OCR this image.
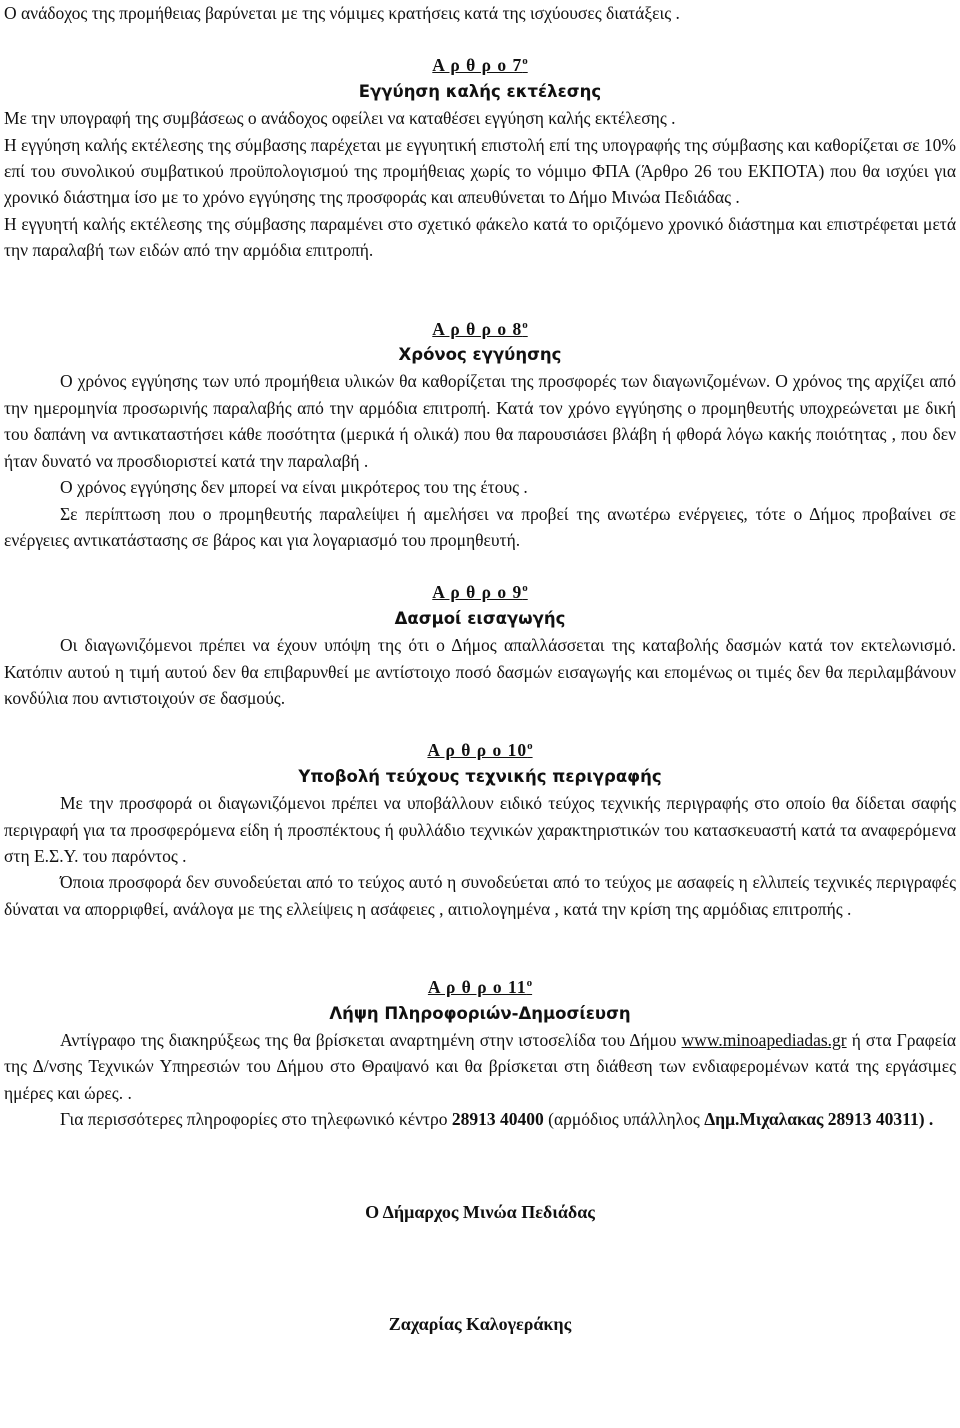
Ο ανάδοχος της προμήθειας βαρύνεται με της νόμιμες κρατήσεις κατά της ισχύουσες διατάξεις .

Α ρ θ ρ ο $7^o$
Εγγύηση καλής εκτέλεσης

Με την υπογραφή της συμβάσεως ο ανάδοχος οφείλει να καταθέσει εγγύηση καλής εκτέλεσης .

Η εγγύηση καλής εκτέλεσης της σύμβασης παρέχεται με εγγυητική επιστολή επί της υπογραφής της σύμβασης και καθορίζεται σε 10% επί του συνολικού συμβατικού προϋπολογισμού της προμήθειας χωρίς το νόμιμο ΦΠΑ (Άρθρο 26 του ΕΚΠΟΤΑ) που θα ισχύει για χρονικό διάστημα ίσο με το χρόνο εγγύησης της προσφοράς και απευθύνεται το Δήμο Μινώα Πεδιάδας .

Η εγγυητή καλής εκτέλεσης της σύμβασης παραμένει στο σχετικό φάκελο κατά το οριζόμενο χρονικό διάστημα και επιστρέφεται μετά την παραλαβή των ειδών από την αρμόδια επιτροπή.

Α ρ θ ρ ο $8^o$
Χρόνος εγγύησης

Ο χρόνος εγγύησης των υπό προμήθεια υλικών θα καθορίζεται της προσφορές των διαγωνιζομένων. Ο χρόνος της αρχίζει από την ημερομηνία προσωρινής παραλαβής από την αρμόδια επιτροπή. Κατά τον χρόνο εγγύησης ο προμηθευτής υποχρεώνεται με δική του δαπάνη να αντικαταστήσει κάθε ποσότητα (μερικά ή ολικά) που θα παρουσιάσει βλάβη ή φθορά λόγω κακής ποιότητας , που δεν ήταν δυνατό να προσδιοριστεί κατά την παραλαβή .

Ο χρόνος εγγύησης δεν μπορεί να είναι μικρότερος του της έτους .

Σε περίπτωση που ο προμηθευτής παραλείψει ή αμελήσει να προβεί της ανωτέρω ενέργειες, τότε ο Δήμος προβαίνει σε ενέργειες αντικατάστασης σε βάρος και για λογαριασμό του προμηθευτή.

Α ρ θ ρ ο $9^o$
Δασμοί εισαγωγής

Οι διαγωνιζόμενοι πρέπει να έχουν υπόψη της ότι ο Δήμος απαλλάσσεται της καταβολής δασμών κατά τον εκτελωνισμό. Κατόπιν αυτού η τιμή αυτού δεν θα επιβαρυνθεί με αντίστοιχο ποσό δασμών εισαγωγής και επομένως οι τιμές δεν θα περιλαμβάνουν κονδύλια που αντιστοιχούν σε δασμούς.

Α ρ θ ρ ο $10^o$
Υποβολή τεύχους τεχνικής περιγραφής

Με την προσφορά οι διαγωνιζόμενοι πρέπει να υποβάλλουν ειδικό τεύχος τεχνικής περιγραφής στο οποίο θα δίδεται σαφής περιγραφή για τα προσφερόμενα είδη ή προσπέκτους ή φυλλάδιο τεχνικών χαρακτηριστικών του κατασκευαστή κατά τα αναφερόμενα στη Ε.Σ.Υ. του παρόντος .

Όποια προσφορά δεν συνοδεύεται από το τεύχος αυτό η συνοδεύεται από το τεύχος με ασαφείς η ελλιπείς τεχνικές περιγραφές δύναται να απορριφθεί, ανάλογα με της ελλείψεις η ασάφειες , αιτιολογημένα , κατά την κρίση της αρμόδιας επιτροπής .

Α ρ θ ρ ο $11^o$
Λήψη Πληροφοριών-Δημοσίευση

Αντίγραφο της διακηρύξεως της θα βρίσκεται αναρτημένη στην ιστοσελίδα του Δήμου www.minoapediadas.gr ή στα Γραφεία της Δ/νσης Τεχνικών Υπηρεσιών του Δήμου στο Θραψανό και θα βρίσκεται στη διάθεση των ενδιαφερομένων κατά της εργάσιμες ημέρες και ώρες. .

Για περισσότερες πληροφορίες στο τηλεφωνικό κέντρο 28913 40400 (αρμόδιος υπάλληλος Δημ.Μιχαλακας 28913 40311) .

Ο Δήμαρχος Μινώα Πεδιάδας
Ζαχαρίας Καλογεράκης
